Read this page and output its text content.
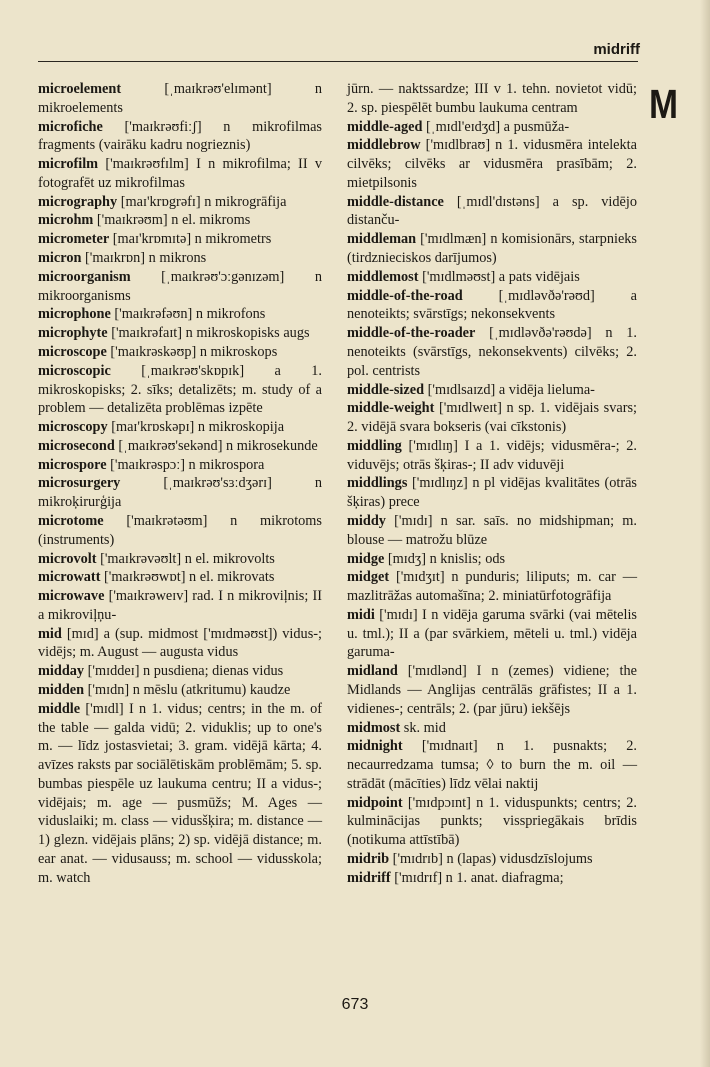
midriff
M

microelement [ˌmaɪkrəʊ'elɪmənt] n mikroelements

microfiche ['maɪkrəʊfiːʃ] n mikrofilmas fragments (vairāku kadru nogrieznis)

microfilm ['maɪkrəʊfɪlm] I n mikrofilma; II v fotografēt uz mikrofilmas

micrography [maɪ'krɒgrəfɪ] n mikrogrāfija

microhm ['maɪkrəʊm] n el. mikroms

micrometer [maɪ'krɒmɪtə] n mikrometrs

micron ['maɪkrɒn] n mikrons

microorganism [ˌmaɪkrəʊ'ɔːgənɪzəm] n mikroorganisms

microphone ['maɪkrəfəʊn] n mikrofons

microphyte ['maɪkrəfaɪt] n mikroskopisks augs

microscope ['maɪkrəskəʊp] n mikroskops

microscopic [ˌmaɪkrəʊ'skɒpɪk] a 1. mikroskopisks; 2. sīks; detalizēts; m. study of a problem — detalizēta problēmas izpēte

microscopy [maɪ'krɒskəpɪ] n mikroskopija

microsecond [ˌmaɪkrəʊ'sekənd] n mikrosekunde

microspore ['maɪkrəspɔː] n mikrospora

microsurgery [ˌmaɪkrəʊ'sɜːdʒərɪ] n mikroķirurģija

microtome ['maɪkrətəʊm] n mikrotoms (instruments)

microvolt ['maɪkrəvəʊlt] n el. mikrovolts

microwatt ['maɪkrəʊwɒt] n el. mikrovats

microwave ['maɪkrəweɪv] rad. I n mikroviļnis; II a mikroviļņu-

mid [mɪd] a (sup. midmost ['mɪdməʊst]) vidus-; vidējs; m. August — augusta vidus

midday ['mɪddeɪ] n pusdiena; dienas vidus

midden ['mɪdn] n mēslu (atkritumu) kaudze

middle ['mɪdl] I n 1. vidus; centrs; in the m. of the table — galda vidū; 2. viduklis; up to one's m. — līdz jostasvietai; 3. gram. vidējā kārta; 4. avīzes raksts par sociālētiskām problēmām; 5. sp. bumbas piespēle uz laukuma centru; II a vidus-; vidējais; m. age — pusmūžs; M. Ages — viduslaiki; m. class — vidusšķira; m. distance — 1) glezn. vidējais plāns; 2) sp. vidējā distance; m. ear anat. — vidusauss; m. school — vidusskola; m. watch

jūrn. — naktssardze; III v 1. tehn. novietot vidū; 2. sp. piespēlēt bumbu laukuma centram

middle-aged [ˌmɪdl'eɪdʒd] a pusmūža-

middlebrow ['mɪdlbraʊ] n 1. vidusmēra intelekta cilvēks; cilvēks ar vidusmēra prasībām; 2. mietpilsonis

middle-distance [ˌmɪdl'dɪstəns] a sp. vidējo distanču-

middleman ['mɪdlmæn] n komisionārs, starpnieks (tirdznieciskos darījumos)

middlemost ['mɪdlməʊst] a pats vidējais

middle-of-the-road [ˌmɪdləvðə'rəʊd] a nenoteikts; svārstīgs; nekonsekvents

middle-of-the-roader [ˌmɪdləvðə'rəʊdə] n 1. nenoteikts (svārstīgs, nekonsekvents) cilvēks; 2. pol. centrists

middle-sized ['mɪdlsaɪzd] a vidēja lieluma-

middle-weight ['mɪdlweɪt] n sp. 1. vidējais svars; 2. vidējā svara bokseris (vai cīkstonis)

middling ['mɪdlɪŋ] I a 1. vidējs; vidusmēra-; 2. viduvējs; otrās šķiras-; II adv viduvēji

middlings ['mɪdlɪŋz] n pl vidējas kvalitātes (otrās šķiras) prece

middy ['mɪdɪ] n sar. saīs. no midshipman; m. blouse — matrožu blūze

midge [mɪdʒ] n knislis; ods

midget ['mɪdʒɪt] n punduris; liliputs; m. car — mazlitrāžas automašīna; 2. miniatūrfotogrāfija

midi ['mɪdɪ] I n vidēja garuma svārki (vai mētelis u. tml.); II a (par svārkiem, mēteli u. tml.) vidēja garuma-

midland ['mɪdlənd] I n (zemes) vidiene; the Midlands — Anglijas centrālās grāfistes; II a 1. vidienes-; centrāls; 2. (par jūru) iekšējs

midmost sk. mid

midnight ['mɪdnaɪt] n 1. pusnakts; 2. necaurredzama tumsa; ◊ to burn the m. oil — strādāt (mācīties) līdz vēlai naktij

midpoint ['mɪdpɔɪnt] n 1. viduspunkts; centrs; 2. kulminācijas punkts; visspriegākais brīdis (notikuma attīstībā)

midrib ['mɪdrɪb] n (lapas) vidusdzīslojums

midriff ['mɪdrɪf] n 1. anat. diafragma;

673
